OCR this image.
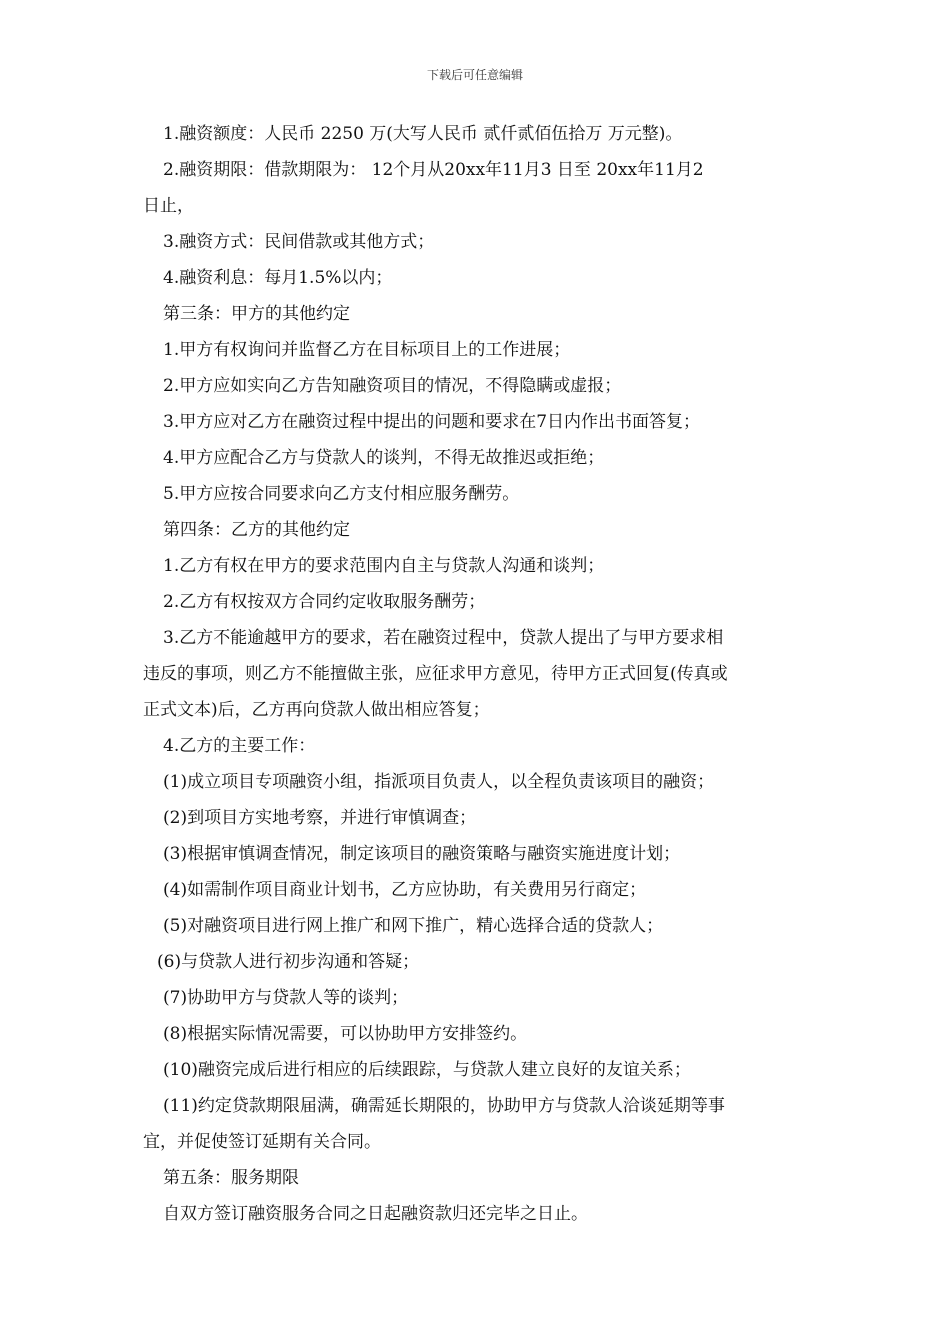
下载后可任意编辑
1.融资额度：人民币 2250 万(大写人民币 贰仟贰佰伍拾万 万元整)。
2.融资期限：借款期限为： 12个月从20xx年11月3 日至 20xx年11月2
日止，
3.融资方式：民间借款或其他方式；
4.融资利息：每月1.5%以内；
第三条：甲方的其他约定
1.甲方有权询问并监督乙方在目标项目上的工作进展；
2.甲方应如实向乙方告知融资项目的情况，不得隐瞒或虚报；
3.甲方应对乙方在融资过程中提出的问题和要求在7日内作出书面答复；
4.甲方应配合乙方与贷款人的谈判，不得无故推迟或拒绝；
5.甲方应按合同要求向乙方支付相应服务酬劳。
第四条：乙方的其他约定
1.乙方有权在甲方的要求范围内自主与贷款人沟通和谈判；
2.乙方有权按双方合同约定收取服务酬劳；
3.乙方不能逾越甲方的要求，若在融资过程中，贷款人提出了与甲方要求相
违反的事项，则乙方不能擅做主张，应征求甲方意见，待甲方正式回复(传真或
正式文本)后，乙方再向贷款人做出相应答复；
4.乙方的主要工作：
(1)成立项目专项融资小组，指派项目负责人，以全程负责该项目的融资；
(2)到项目方实地考察，并进行审慎调查；
(3)根据审慎调查情况，制定该项目的融资策略与融资实施进度计划；
(4)如需制作项目商业计划书，乙方应协助，有关费用另行商定；
(5)对融资项目进行网上推广和网下推广，精心选择合适的贷款人；
(6)与贷款人进行初步沟通和答疑；
(7)协助甲方与贷款人等的谈判；
(8)根据实际情况需要，可以协助甲方安排签约。
(10)融资完成后进行相应的后续跟踪，与贷款人建立良好的友谊关系；
(11)约定贷款期限届满，确需延长期限的，协助甲方与贷款人洽谈延期等事
宜，并促使签订延期有关合同。
第五条：服务期限
自双方签订融资服务合同之日起融资款归还完毕之日止。
